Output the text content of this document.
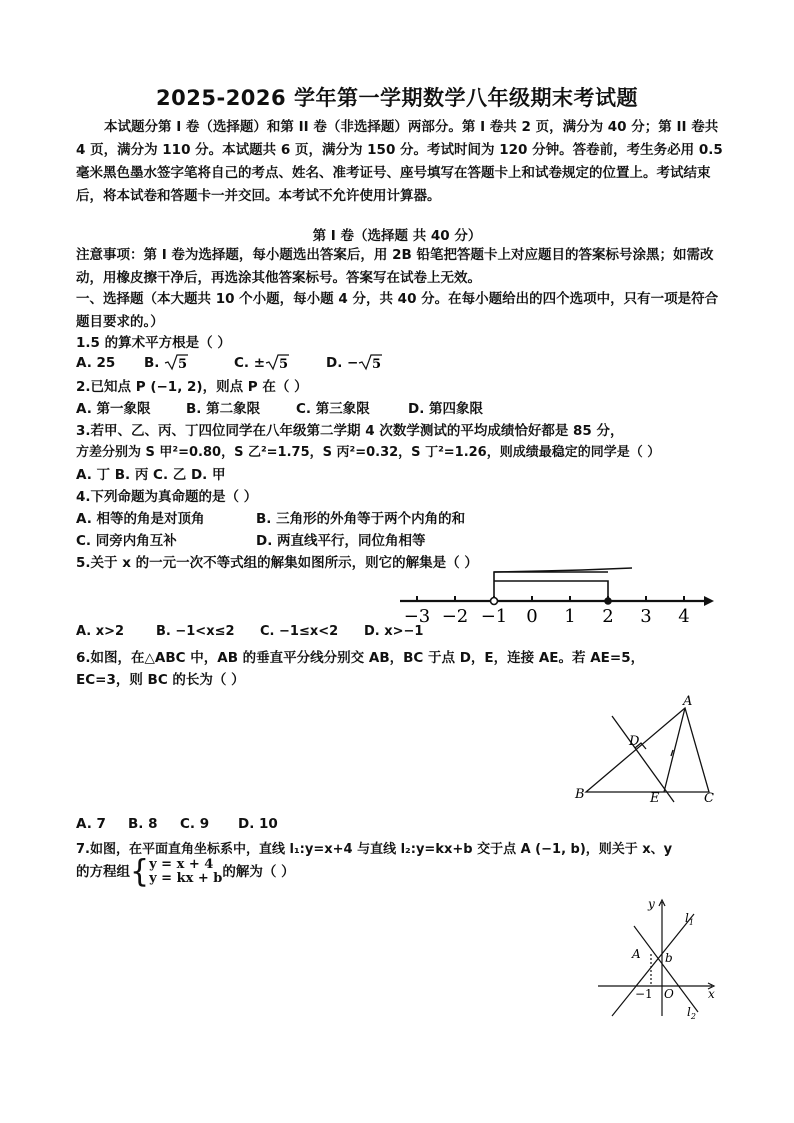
2025-2026 学年第一学期数学八年级期末考试题
本试题分第 I 卷（选择题）和第 II 卷（非选择题）两部分。第 I 卷共 2 页，满分为 40 分；第 II 卷共 4 页，满分为 110 分。本试题共 6 页，满分为 150 分。考试时间为 120 分钟。答卷前，考生务必用 0.5 毫米黑色墨水签字笔将自己的考点、姓名、准考证号、座号填写在答题卡上和试卷规定的位置上。考试结束后，将本试卷和答题卡一并交回。本考试不允许使用计算器。
第 I 卷（选择题 共 40 分）
注意事项：第 I 卷为选择题，每小题选出答案后，用 2B 铅笔把答题卡上对应题目的答案标号涂黑；如需改动，用橡皮擦干净后，再选涂其他答案标号。答案写在试卷上无效。
一、选择题（本大题共 10 个小题，每小题 4 分，共 40 分。在每小题给出的四个选项中，只有一项是符合题目要求的。）
1.5 的算术平方根是（ ）
A. 25 B. 5	C. ± 5	D. − 5
2.已知点 P (−1, 2)，则点 P 在（ ）
A. 第一象限	B. 第二象限	C. 第三象限	D. 第四象限
3.若甲、乙、丙、丁四位同学在八年级第二学期 4 次数学测试的平均成绩恰好都是 85 分，
方差分别为 S 甲²=0.80，S 乙²=1.75，S 丙²=0.32，S 丁²=1.26，则成绩最稳定的同学是（ ）
A. 丁 B. 丙 C. 乙 D. 甲
4.下列命题为真命题的是（ ）
A. 相等的角是对顶角	B. 三角形的外角等于两个内角的和
C. 同旁内角互补	D. 两直线平行，同位角相等
5.关于 x 的一元一次不等式组的解集如图所示，则它的解集是（ ）
−3 −2 −1 0 1 2 3 4
A. x>2 B. −1<x≤2 C. −1≤x<2 D. x>−1
6.如图，在△ABC 中，AB 的垂直平分线分别交 AB，BC 于点 D，E，连接 AE。若 AE=5，
EC=3，则 BC 的长为（ ）
A
B	C
D
E
A. 7 B. 8 C. 9 D. 10
7.如图，在平面直角坐标系中，直线 l₁:y=x+4 与直线 l₂:y=kx+b 交于点 A (−1, b)，则关于 x、y
的方程组{ y = x + 4
y = kx + b 的解为（ ）
y
x
$l_1$
$l_2$
A b
−1 O
